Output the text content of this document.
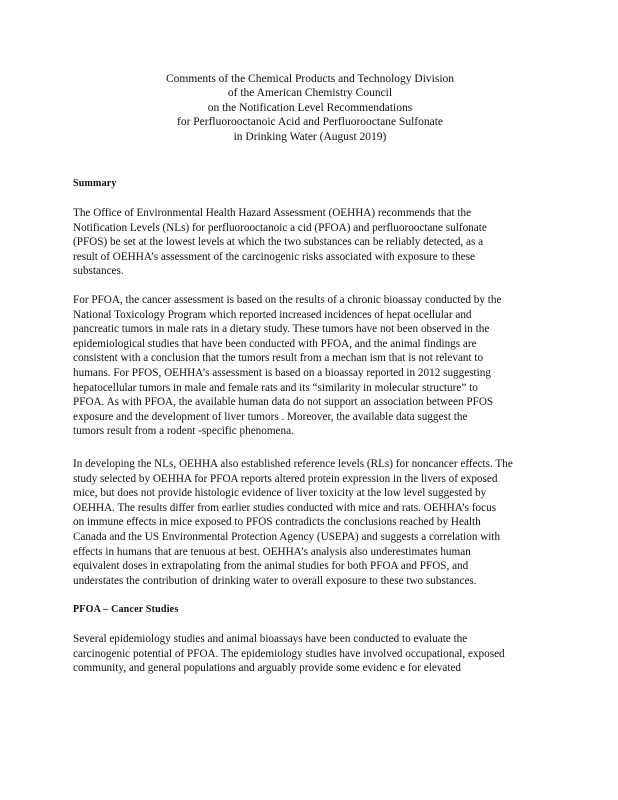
Comments of the Chemical Products and Technology Division
of the American Chemistry Council
on the Notification Level Recommendations
for Perfluorooctanoic Acid and Perfluorooctane Sulfonate
in Drinking Water (August 2019)
Summary
The Office of Environmental Health Hazard Assessment (OEHHA) recommends that the
Notification Levels (NLs) for perfluorooctanoic a cid (PFOA) and perfluorooctane sulfonate
(PFOS) be set at the lowest levels at which the two substances can be reliably detected, as a
result of OEHHA’s assessment of the carcinogenic risks associated with exposure to these
substances.
For PFOA, the cancer assessment is based on the results of a chronic bioassay conducted by the
National Toxicology Program which reported increased incidences of hepat ocellular and
pancreatic tumors in male rats in a dietary study. These tumors have not been observed in the
epidemiological studies that have been conducted with PFOA, and the animal findings are
consistent with a conclusion that the tumors result from a mechan ism that is not relevant to
humans. For PFOS, OEHHA’s assessment is based on a bioassay reported in 2012 suggesting
hepatocellular tumors in male and female rats and its “similarity in molecular structure” to
PFOA. As with PFOA, the available human data do not support an association between PFOS
exposure and the development of liver tumors . Moreover, the available data suggest the
tumors result from a rodent -specific phenomena.
In developing the NLs, OEHHA also established reference levels (RLs) for noncancer effects. The
study selected by OEHHA for PFOA reports altered protein expression in the livers of exposed
mice, but does not provide histologic evidence of liver toxicity at the low level suggested by
OEHHA. The results differ from earlier studies conducted with mice and rats. OEHHA’s focus
on immune effects in mice exposed to PFOS contradicts the conclusions reached by Health
Canada and the US Environmental Protection Agency (USEPA) and suggests a correlation with
effects in humans that are tenuous at best. OEHHA’s analysis also underestimates human
equivalent doses in extrapolating from the animal studies for both PFOA and PFOS, and
understates the contribution of drinking water to overall exposure to these two substances.
PFOA – Cancer Studies
Several epidemiology studies and animal bioassays have been conducted to evaluate the
carcinogenic potential of PFOA. The epidemiology studies have involved occupational, exposed
community, and general populations and arguably provide some evidenc e for elevated
